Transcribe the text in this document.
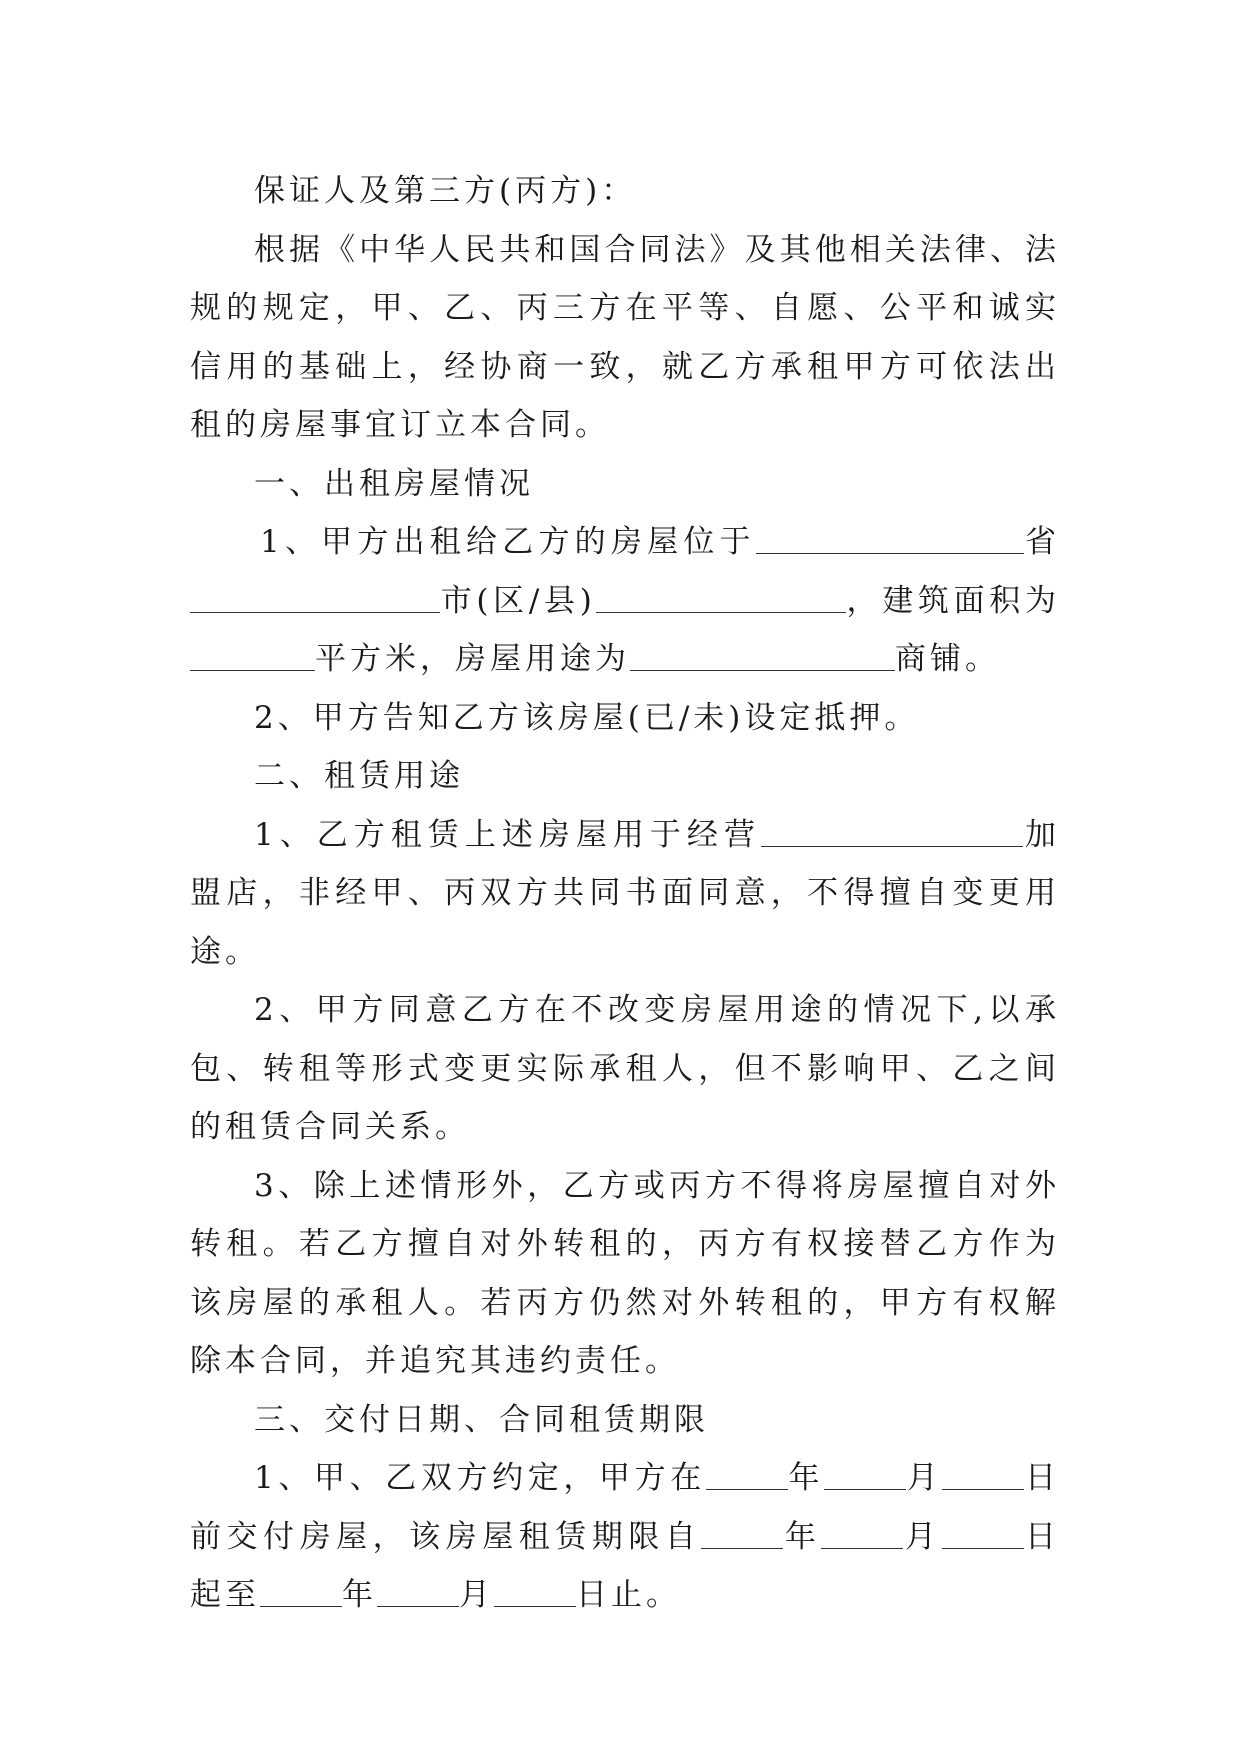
保证人及第三方(丙方)：

根据《中华人民共和国合同法》及其他相关法律、法规的规定，甲、乙、丙三方在平等、自愿、公平和诚实信用的基础上，经协商一致，就乙方承租甲方可依法出租的房屋事宜订立本合同。

一、出租房屋情况

1、甲方出租给乙方的房屋位于	省市(区/县)	，建筑面积为平方米，房屋用途为	商铺。

2、甲方告知乙方该房屋(已/未)设定抵押。

二、租赁用途

1、乙方租赁上述房屋用于经营	加盟店，非经甲、丙双方共同书面同意，不得擅自变更用途。

2、甲方同意乙方在不改变房屋用途的情况下,以承包、转租等形式变更实际承租人，但不影响甲、乙之间的租赁合同关系。

3、除上述情形外，乙方或丙方不得将房屋擅自对外转租。若乙方擅自对外转租的，丙方有权接替乙方作为该房屋的承租人。若丙方仍然对外转租的，甲方有权解除本合同，并追究其违约责任。

三、交付日期、合同租赁期限

1、甲、乙双方约定，甲方在	年	月	日前交付房屋，该房屋租赁期限自	年	月	日起至	年	月	日止。
